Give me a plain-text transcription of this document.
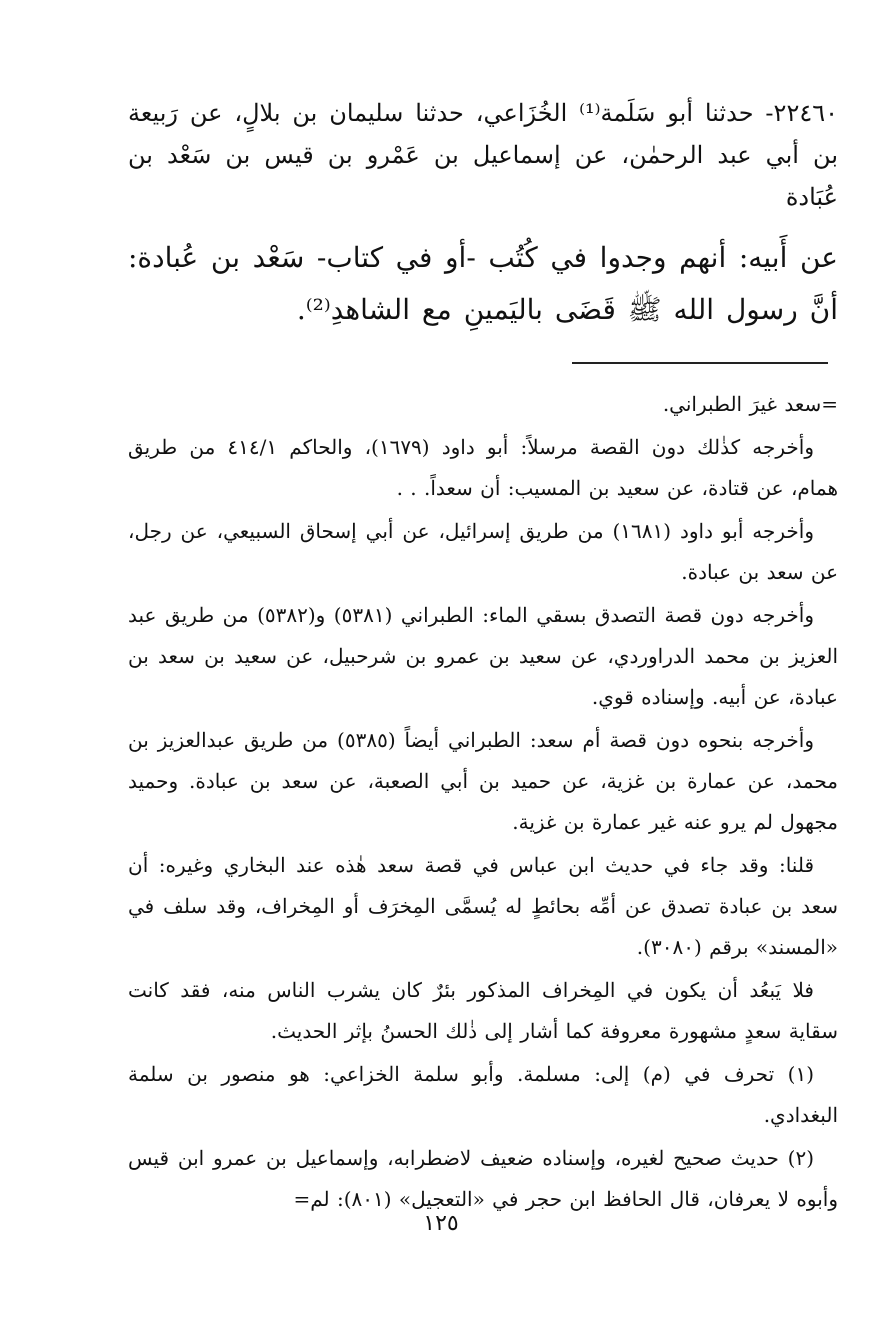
٢٢٤٦٠- حدثنا أبو سَلَمة⁽¹⁾ الخُزَاعي، حدثنا سليمان بن بلالٍ، عن رَبيعة بن أبي عبد الرحمٰن، عن إسماعيل بن عَمْرو بن قيس بن سَعْد بن عُبَادة

عن أَبيه: أنهم وجدوا في كُتُب -أو في كتاب- سَعْد بن عُبادة: أنَّ رسول الله ﷺ قَضَى باليَمينِ مع الشاهدِ⁽²⁾.

=سعد غيرَ الطبراني.

وأخرجه كذٰلك دون القصة مرسلاً: أبو داود (١٦٧٩)، والحاكم ٤١٤/١ من طريق همام، عن قتادة، عن سعيد بن المسيب: أن سعداً. . .

وأخرجه أبو داود (١٦٨١) من طريق إسرائيل، عن أبي إسحاق السبيعي، عن رجل، عن سعد بن عبادة.

وأخرجه دون قصة التصدق بسقي الماء: الطبراني (٥٣٨١) و(٥٣٨٢) من طريق عبد العزيز بن محمد الدراوردي، عن سعيد بن عمرو بن شرحبيل، عن سعيد بن سعد بن عبادة، عن أبيه. وإسناده قوي.

وأخرجه بنحوه دون قصة أم سعد: الطبراني أيضاً (٥٣٨٥) من طريق عبدالعزيز بن محمد، عن عمارة بن غزية، عن حميد بن أبي الصعبة، عن سعد بن عبادة. وحميد مجهول لم يرو عنه غير عمارة بن غزية.

قلنا: وقد جاء في حديث ابن عباس في قصة سعد هٰذه عند البخاري وغيره: أن سعد بن عبادة تصدق عن أمِّه بحائطٍ له يُسمَّى المِخرَف أو المِخراف، وقد سلف في «المسند» برقم (٣٠٨٠).

فلا يَبعُد أن يكون في المِخراف المذكور بئرٌ كان يشرب الناس منه، فقد كانت سقاية سعدٍ مشهورة معروفة كما أشار إلى ذٰلك الحسنُ بإثر الحديث.

(١) تحرف في (م) إلى: مسلمة. وأبو سلمة الخزاعي: هو منصور بن سلمة البغدادي.

(٢) حديث صحيح لغيره، وإسناده ضعيف لاضطرابه، وإسماعيل بن عمرو ابن قيس وأبوه لا يعرفان، قال الحافظ ابن حجر في «التعجيل» (٨٠١): لم=

١٢٥
